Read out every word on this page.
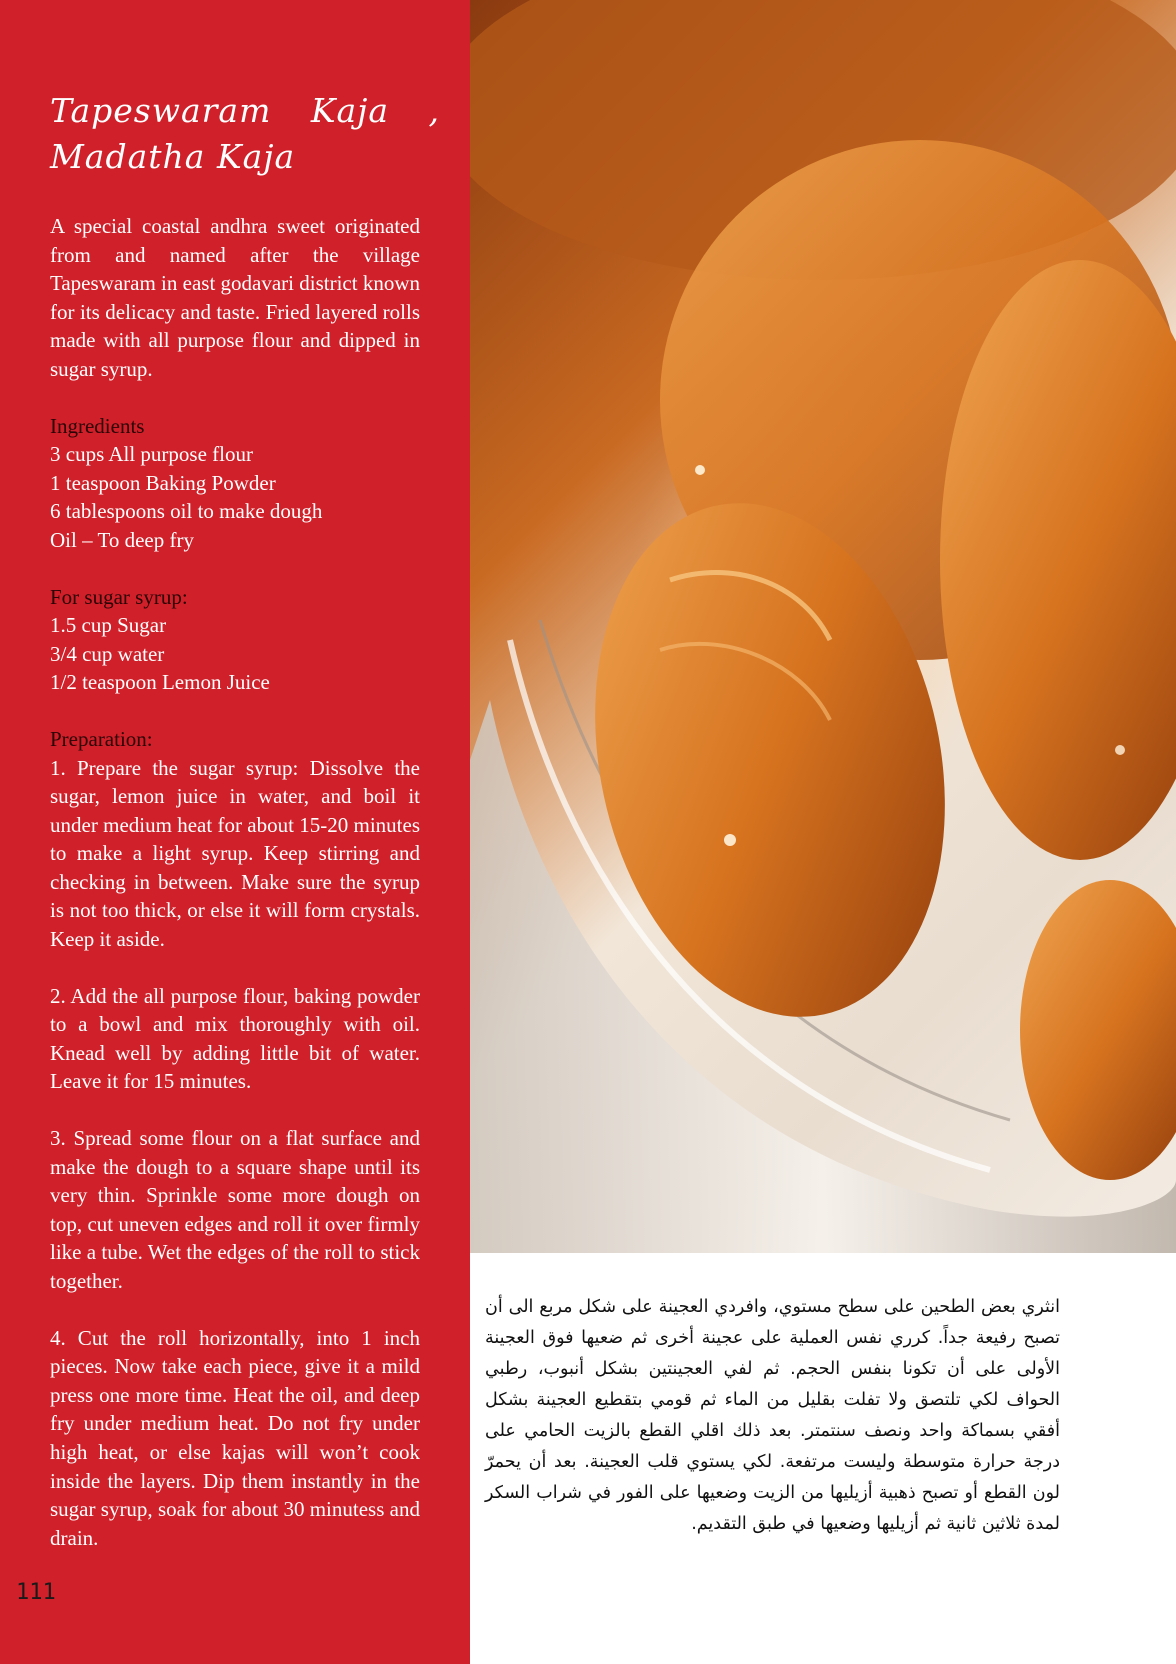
Tapeswaram Kaja ,
Madatha Kaja

A special coastal andhra sweet originated from and named after the village Tapeswaram in east godavari district known for its delicacy and taste. Fried layered rolls made with all purpose flour and dipped in sugar syrup.

Ingredients
3 cups All purpose flour
1 teaspoon Baking Powder
6 tablespoons oil to make dough
Oil – To deep fry
For sugar syrup:
1.5 cup Sugar
3/4 cup water
1/2 teaspoon Lemon Juice
Preparation:

1. Prepare the sugar syrup: Dissolve the sugar, lemon juice in water, and boil it under medium heat for about 15-20 minutes to make a light syrup. Keep stirring and checking in between. Make sure the syrup is not too thick, or else it will form crystals. Keep it aside.

2. Add the all purpose flour, baking powder to a bowl and mix thoroughly with oil. Knead well by adding little bit of water. Leave it for 15 minutes.

3. Spread some flour on a flat surface and make the dough to a square shape until its very thin. Sprinkle some more dough on top, cut uneven edges and roll it over firmly like a tube. Wet the edges of the roll to stick together.

4. Cut the roll horizontally, into 1 inch pieces. Now take each piece, give it a mild press one more time. Heat the oil, and deep fry under medium heat. Do not fry under high heat, or else kajas will won’t cook inside the layers. Dip them instantly in the sugar syrup, soak for about 30 minutess and drain.

111
انثري بعض الطحين على سطح مستوي، وافردي العجينة على شكل مربع الى أن تصبح رفيعة جداً. كرري نفس العملية على عجينة أخرى ثم ضعيها فوق العجينة الأولى على أن تكونا بنفس الحجم. ثم لفي العجينتين بشكل أنبوب، رطبي الحواف لكي تلتصق ولا تفلت بقليل من الماء ثم قومي بتقطيع العجينة بشكل أفقي بسماكة واحد ونصف سنتمتر. بعد ذلك اقلي القطع بالزيت الحامي على درجة حرارة متوسطة وليست مرتفعة. لكي يستوي قلب العجينة. بعد أن يحمرّ لون القطع أو تصبح ذهبية أزيليها من الزيت وضعيها على الفور في شراب السكر لمدة ثلاثين ثانية ثم أزيليها وضعيها في طبق التقديم.
